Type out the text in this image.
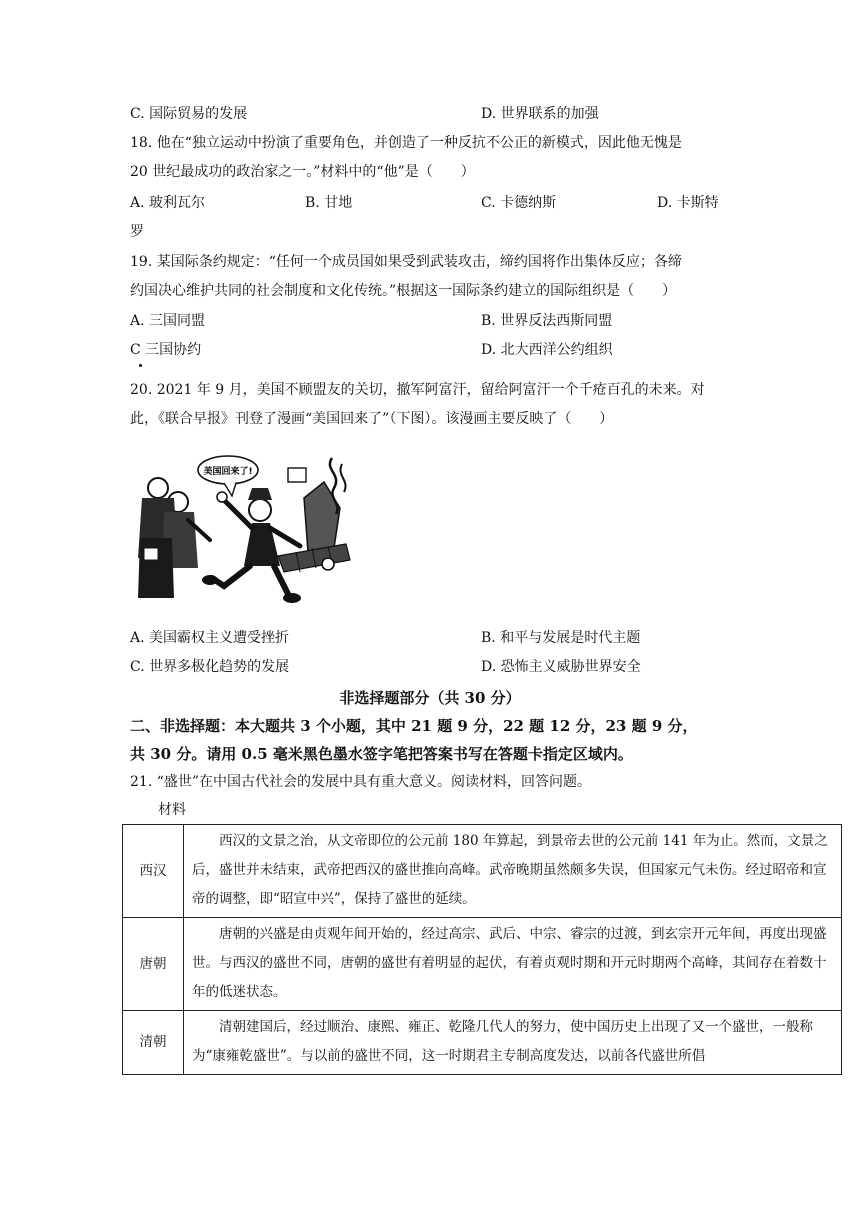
C. 国际贸易的发展	D. 世界联系的加强
18. 他在“独立运动中扮演了重要角色，并创造了一种反抗不公正的新模式，因此他无愧是
20 世纪最成功的政治家之一。”材料中的“他”是（　　）
A. 玻利瓦尔	B. 甘地	C. 卡德纳斯	D. 卡斯特
罗
19. 某国际条约规定：“任何一个成员国如果受到武装攻击，缔约国将作出集体反应；各缔
约国决心维护共同的社会制度和文化传统。”根据这一国际条约建立的国际组织是（　　）
A. 三国同盟	B. 世界反法西斯同盟
C 三国协约	D. 北大西洋公约组织
20. 2021 年 9 月，美国不顾盟友的关切，撤军阿富汗，留给阿富汗一个千疮百孔的未来。对
此，《联合早报》刊登了漫画“美国回来了”（下图）。该漫画主要反映了（　　）
美国回来了!
A. 美国霸权主义遭受挫折	B. 和平与发展是时代主题
C. 世界多极化趋势的发展	D. 恐怖主义威胁世界安全
非选择题部分（共 30 分）
二、非选择题：本大题共 3 个小题，其中 21 题 9 分，22 题 12 分，23 题 9 分，
共 30 分。请用 0.5 毫米黑色墨水签字笔把答案书写在答题卡指定区域内。
21. “盛世”在中国古代社会的发展中具有重大意义。阅读材料，回答问题。
材料
西汉	西汉的文景之治，从文帝即位的公元前 180 年算起，到景帝去世的公元前 141 年为止。然而，文景之后，盛世并未结束，武帝把西汉的盛世推向高峰。武帝晚期虽然颇多失误，但国家元气未伤。经过昭帝和宣帝的调整，即“昭宣中兴”，保持了盛世的延续。
唐朝	唐朝的兴盛是由贞观年间开始的，经过高宗、武后、中宗、睿宗的过渡，到玄宗开元年间，再度出现盛世。与西汉的盛世不同，唐朝的盛世有着明显的起伏，有着贞观时期和开元时期两个高峰，其间存在着数十年的低迷状态。
清朝	清朝建国后，经过顺治、康熙、雍正、乾隆几代人的努力，使中国历史上出现了又一个盛世，一般称为“康雍乾盛世”。与以前的盛世不同，这一时期君主专制高度发达，以前各代盛世所倡
